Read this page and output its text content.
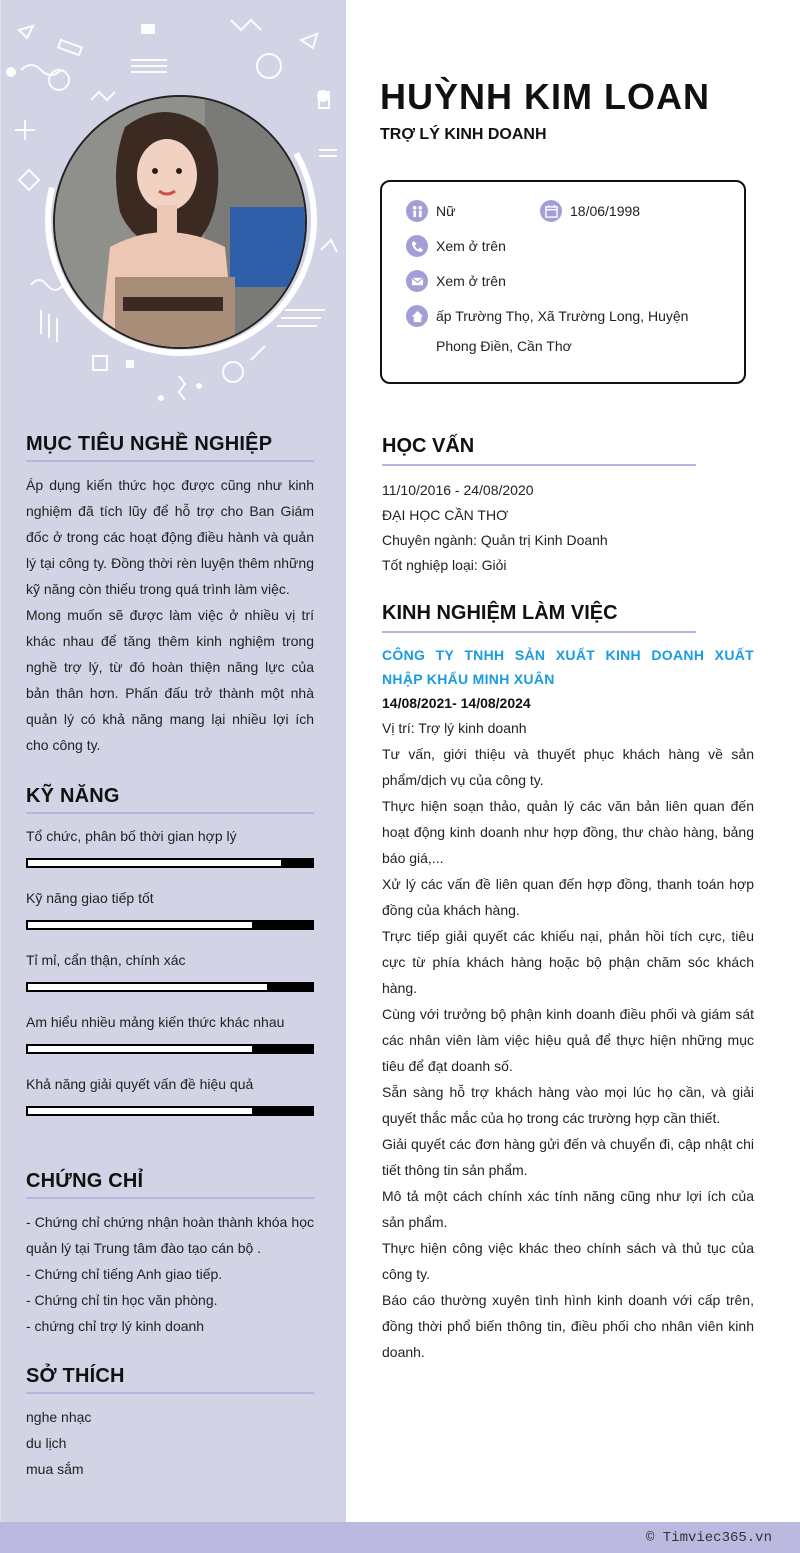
MỤC TIÊU NGHỀ NGHIỆP

Áp dụng kiến thức học được cũng như kinh nghiệm đã tích lũy để hỗ trợ cho Ban Giám đốc ở trong các hoạt động điều hành và quản lý tại công ty. Đồng thời rèn luyện thêm những kỹ năng còn thiếu trong quá trình làm việc.

Mong muốn sẽ được làm việc ở nhiều vị trí khác nhau để tăng thêm kinh nghiệm trong nghề trợ lý, từ đó hoàn thiện năng lực của bản thân hơn. Phấn đấu trở thành một nhà quản lý có khả năng mang lại nhiều lợi ích cho công ty.

KỸ NĂNG
Tổ chức, phân bố thời gian hợp lý
Kỹ năng giao tiếp tốt
Tỉ mỉ, cẩn thận, chính xác
Am hiểu nhiều mảng kiến thức khác nhau
Khả năng giải quyết vấn đề hiệu quả
CHỨNG CHỈ
- Chứng chỉ chứng nhận hoàn thành khóa học quản lý tại Trung tâm đào tạo cán bộ .
- Chứng chỉ tiếng Anh giao tiếp.
- Chứng chỉ tin học văn phòng.
- chứng chỉ trợ lý kinh doanh
SỞ THÍCH
nghe nhạc
du lịch
mua sắm
HUỲNH KIM LOAN
TRỢ LÝ KINH DOANH
Nữ	18/06/1998
Xem ở trên
Xem ở trên
ấp Trường Thọ, Xã Trường Long, Huyện
Phong Điền, Cần Thơ
HỌC VẤN
11/10/2016 - 24/08/2020
ĐẠI HỌC CẦN THƠ
Chuyên ngành: Quản trị Kinh Doanh
Tốt nghiệp loại: Giỏi
KINH NGHIỆM LÀM VIỆC
CÔNG TY TNHH SẢN XUẤT KINH DOANH XUẤT NHẬP KHẨU MINH XUÂN
14/08/2021- 14/08/2024
Vị trí: Trợ lý kinh doanh

Tư vấn, giới thiệu và thuyết phục khách hàng về sản phẩm/dịch vụ của công ty.

Thực hiện soạn thảo, quản lý các văn bản liên quan đến hoạt động kinh doanh như hợp đồng, thư chào hàng, bảng báo giá,...

Xử lý các vấn đề liên quan đến hợp đồng, thanh toán hợp đồng của khách hàng.

Trực tiếp giải quyết các khiếu nại, phản hồi tích cực, tiêu cực từ phía khách hàng hoặc bộ phận chăm sóc khách hàng.

Cùng với trưởng bộ phận kinh doanh điều phối và giám sát các nhân viên làm việc hiệu quả để thực hiện những mục tiêu để đạt doanh số.

Sẵn sàng hỗ trợ khách hàng vào mọi lúc họ cần, và giải quyết thắc mắc của họ trong các trường hợp cần thiết.

Giải quyết các đơn hàng gửi đến và chuyển đi, cập nhật chi tiết thông tin sản phẩm.

Mô tả một cách chính xác tính năng cũng như lợi ích của sản phẩm.

Thực hiện công việc khác theo chính sách và thủ tục của công ty.

Báo cáo thường xuyên tình hình kinh doanh với cấp trên, đồng thời phổ biến thông tin, điều phối cho nhân viên kinh doanh.

© Timviec365.vn
